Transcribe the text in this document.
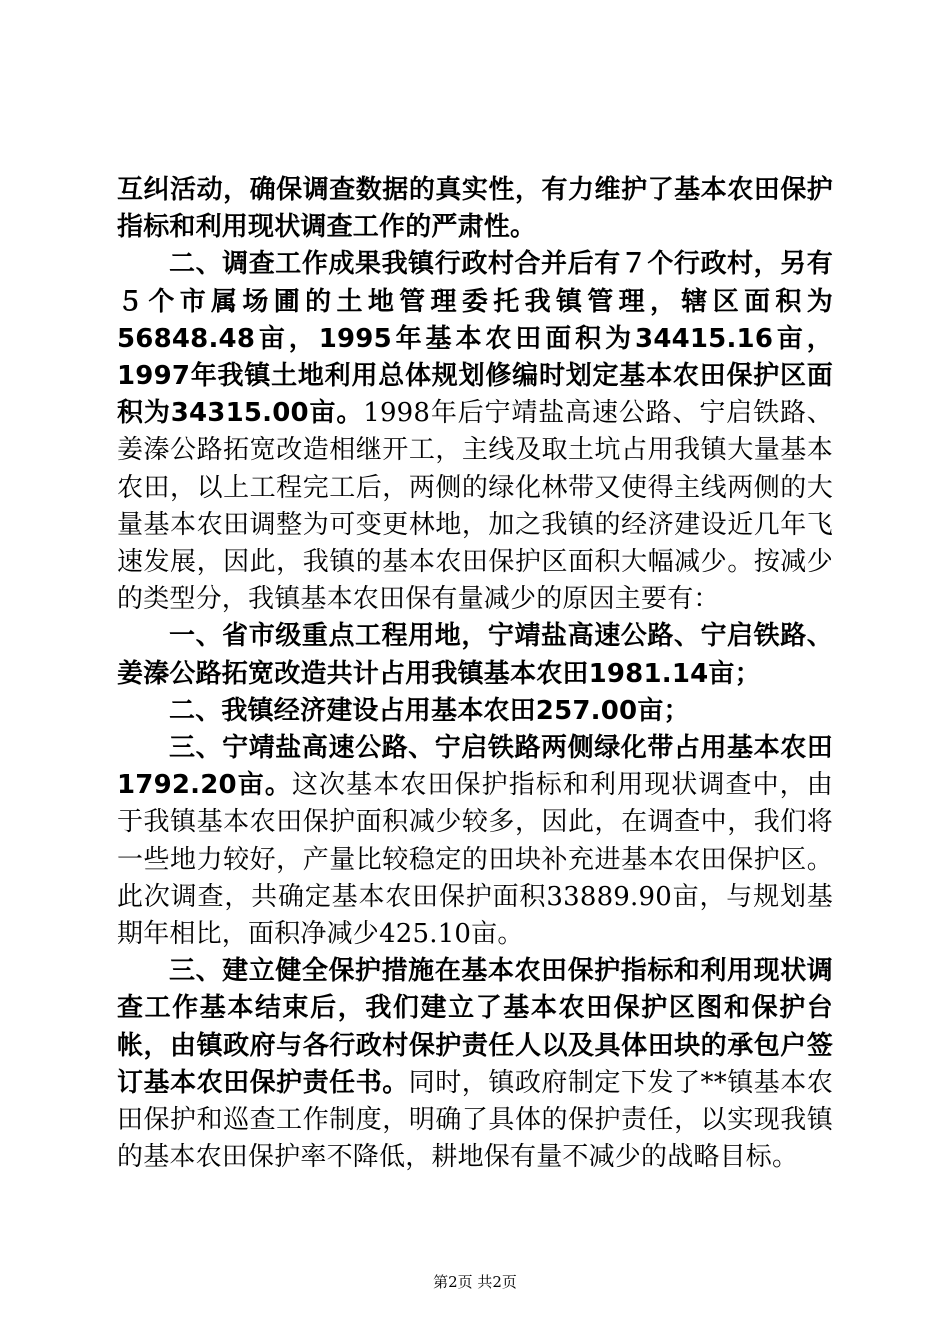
互纠活动，确保调查数据的真实性，有力维护了基本农田保护指标和利用现状调查工作的严肃性。

二、调查工作成果我镇行政村合并后有７个行政村，另有５个市属场圃的土地管理委托我镇管理，辖区面积为56848.48亩，1995年基本农田面积为34415.16亩，1997年我镇土地利用总体规划修编时划定基本农田保护区面积为34315.00亩。1998年后宁靖盐高速公路、宁启铁路、姜溱公路拓宽改造相继开工，主线及取土坑占用我镇大量基本农田，以上工程完工后，两侧的绿化林带又使得主线两侧的大量基本农田调整为可变更林地，加之我镇的经济建设近几年飞速发展，因此，我镇的基本农田保护区面积大幅减少。按减少的类型分，我镇基本农田保有量减少的原因主要有：

一、省市级重点工程用地，宁靖盐高速公路、宁启铁路、姜溱公路拓宽改造共计占用我镇基本农田1981.14亩；

二、我镇经济建设占用基本农田257.00亩；

三、宁靖盐高速公路、宁启铁路两侧绿化带占用基本农田1792.20亩。这次基本农田保护指标和利用现状调查中，由于我镇基本农田保护面积减少较多，因此，在调查中，我们将一些地力较好，产量比较稳定的田块补充进基本农田保护区。此次调查，共确定基本农田保护面积33889.90亩，与规划基期年相比，面积净减少425.10亩。

三、建立健全保护措施在基本农田保护指标和利用现状调查工作基本结束后，我们建立了基本农田保护区图和保护台帐，由镇政府与各行政村保护责任人以及具体田块的承包户签订基本农田保护责任书。同时，镇政府制定下发了**镇基本农田保护和巡查工作制度，明确了具体的保护责任，以实现我镇的基本农田保护率不降低，耕地保有量不减少的战略目标。

第2页 共2页
